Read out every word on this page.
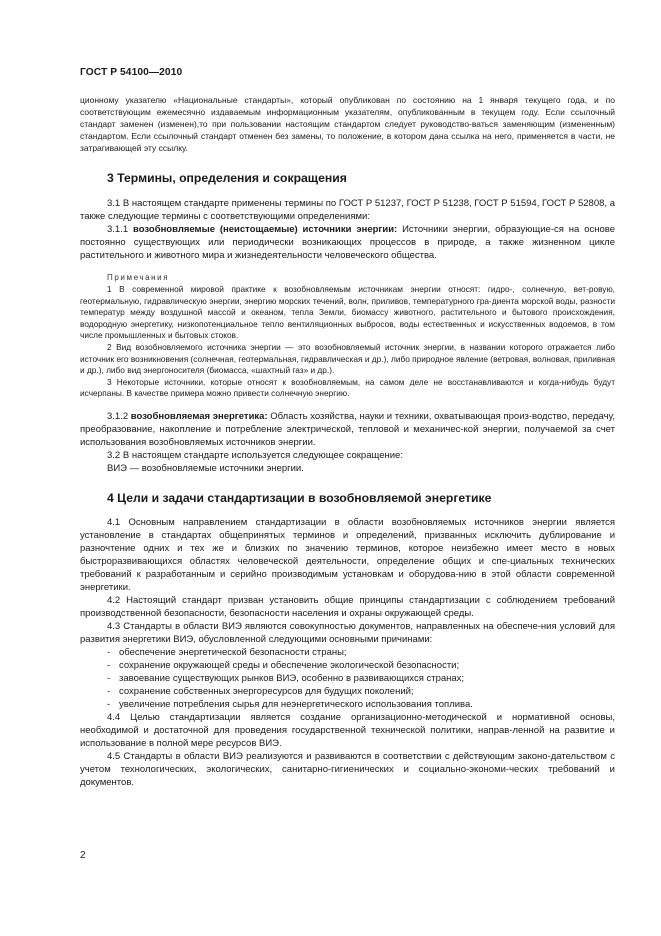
ГОСТ Р 54100—2010

ционному указателю «Национальные стандарты», который опубликован по состоянию на 1 января текущего года, и по соответствующим ежемесячно издаваемым информационным указателям, опубликованным в текущем году. Если ссылочный стандарт заменен (изменен),то при пользовании настоящим стандартом следует руководство-ваться заменяющим (измененным) стандартом. Если ссылочный стандарт отменен без замены, то положение, в котором дана ссылка на него, применяется в части, не затрагивающей эту ссылку.

3 Термины, определения и сокращения

3.1 В настоящем стандарте применены термины по ГОСТ Р 51237, ГОСТ Р 51238, ГОСТ Р 51594, ГОСТ Р 52808, а также следующие термины с соответствующими определениями:

3.1.1 возобновляемые (неистощаемые) источники энергии: Источники энергии, образующие-ся на основе постоянно существующих или периодически возникающих процессов в природе, а также жизненном цикле растительного и животного мира и жизнедеятельности человеческого общества.

Примечания

1 В современной мировой практике к возобновляемым источникам энергии относят: гидро-, солнечную, вет-ровую, геотермальную, гидравлическую энергии, энергию морских течений, волн, приливов, температурного гра-диента морской воды, разности температур между воздушной массой и океаном, тепла Земли, биомассу животного, растительного и бытового происхождения, водородную энергетику, низкопотенциальное тепло вентиляционных выбросов, воды естественных и искусственных водоемов, в том числе промышленных и бытовых стоков.

2 Вид возобновляемого источника энергии — это возобновляемый источник энергии, в названии которого отражается либо источник его возникновения (солнечная, геотермальная, гидравлическая и др.), либо природное явление (ветровая, волновая, приливная и др.), либо вид энергоносителя (биомасса, «шахтный газ» и др.).

3 Некоторые источники, которые относят к возобновляемым, на самом деле не восстанавливаются и когда-нибудь будут исчерпаны. В качестве примера можно привести солнечную энергию.

3.1.2 возобновляемая энергетика: Область хозяйства, науки и техники, охватывающая произ-водство, передачу, преобразование, накопление и потребление электрической, тепловой и механичес-кой энергии, получаемой за счет использования возобновляемых источников энергии.

3.2 В настоящем стандарте используется следующее сокращение:

ВИЭ — возобновляемые источники энергии.

4 Цели и задачи стандартизации в возобновляемой энергетике

4.1 Основным направлением стандартизации в области возобновляемых источников энергии является установление в стандартах общепринятых терминов и определений, призванных исключить дублирование и разночтение одних и тех же и близких по значению терминов, которое неизбежно имеет место в новых быстроразвивающихся областях человеческой деятельности, определение общих и спе-циальных технических требований к разработанным и серийно производимым установкам и оборудова-нию в этой области современной энергетики.

4.2 Настоящий стандарт призван установить общие принципы стандартизации с соблюдением требований производственной безопасности, безопасности населения и охраны окружающей среды.

4.3 Стандарты в области ВИЭ являются совокупностью документов, направленных на обеспече-ния условий для развития энергетики ВИЭ, обусловленной следующими основными причинами:

- обеспечение энергетической безопасности страны;
- сохранение окружающей среды и обеспечение экологической безопасности;
- завоевание существующих рынков ВИЭ, особенно в развивающихся странах;
- сохранение собственных энергоресурсов для будущих поколений;
- увеличение потребления сырья для неэнергетического использования топлива.

4.4 Целью стандартизации является создание организационно-методической и нормативной основы, необходимой и достаточной для проведения государственной технической политики, направ-ленной на развитие и использование в полной мере ресурсов ВИЭ.

4.5 Стандарты в области ВИЭ реализуются и развиваются в соответствии с действующим законо-дательством с учетом технологических, экологических, санитарно-гигиенических и социально-экономи-ческих требований и документов.

2
